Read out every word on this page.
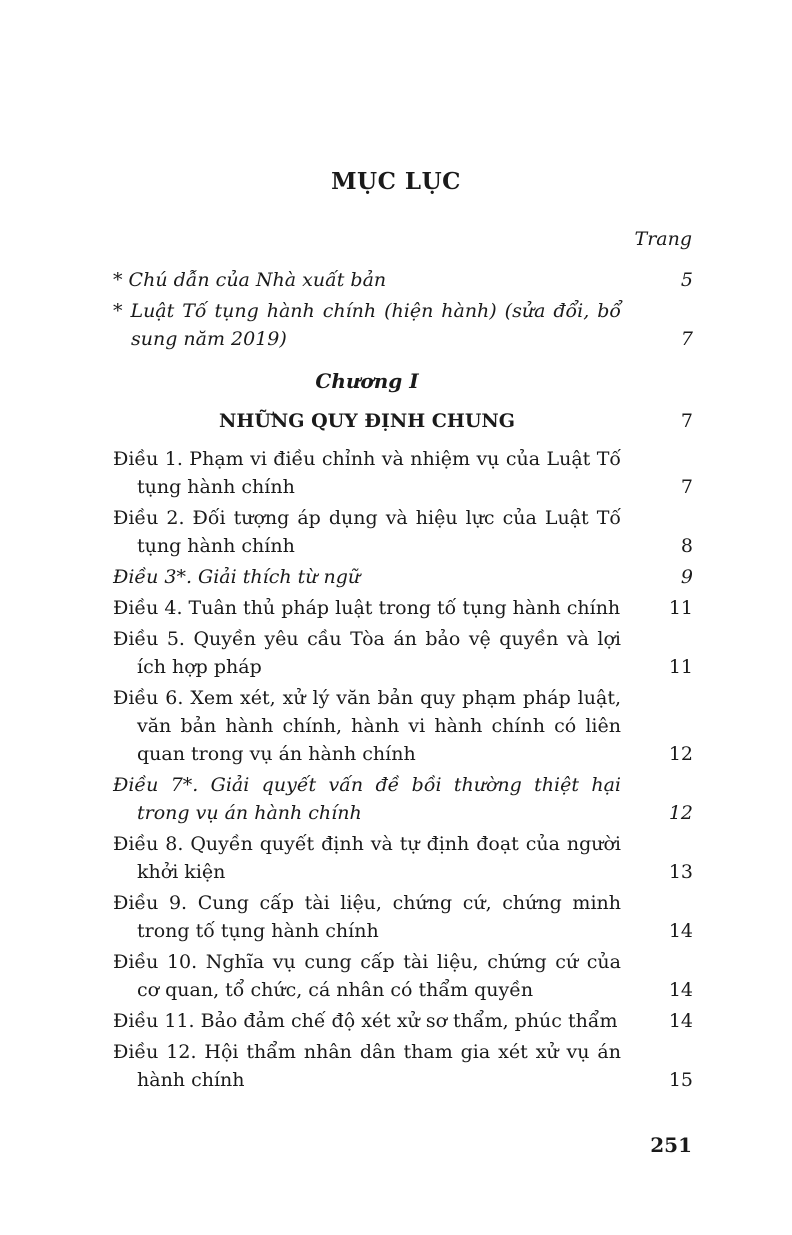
MỤC LỤC
Trang
* Chú dẫn của Nhà xuất bản	5
* Luật Tố tụng hành chính (hiện hành) (sửa đổi, bổ sung năm 2019)	7
Chương I
NHỮNG QUY ĐỊNH CHUNG	7
Điều 1. Phạm vi điều chỉnh và nhiệm vụ của Luật Tố tụng hành chính	7
Điều 2. Đối tượng áp dụng và hiệu lực của Luật Tố tụng hành chính	8
Điều 3*. Giải thích từ ngữ	9
Điều 4. Tuân thủ pháp luật trong tố tụng hành chính	11
Điều 5. Quyền yêu cầu Tòa án bảo vệ quyền và lợi ích hợp pháp	11
Điều 6. Xem xét, xử lý văn bản quy phạm pháp luật, văn bản hành chính, hành vi hành chính có liên quan trong vụ án hành chính	12
Điều 7*. Giải quyết vấn đề bồi thường thiệt hại trong vụ án hành chính	12
Điều 8. Quyền quyết định và tự định đoạt của người khởi kiện	13
Điều 9. Cung cấp tài liệu, chứng cứ, chứng minh trong tố tụng hành chính	14
Điều 10. Nghĩa vụ cung cấp tài liệu, chứng cứ của cơ quan, tổ chức, cá nhân có thẩm quyền	14
Điều 11. Bảo đảm chế độ xét xử sơ thẩm, phúc thẩm	14
Điều 12. Hội thẩm nhân dân tham gia xét xử vụ án hành chính	15
251
